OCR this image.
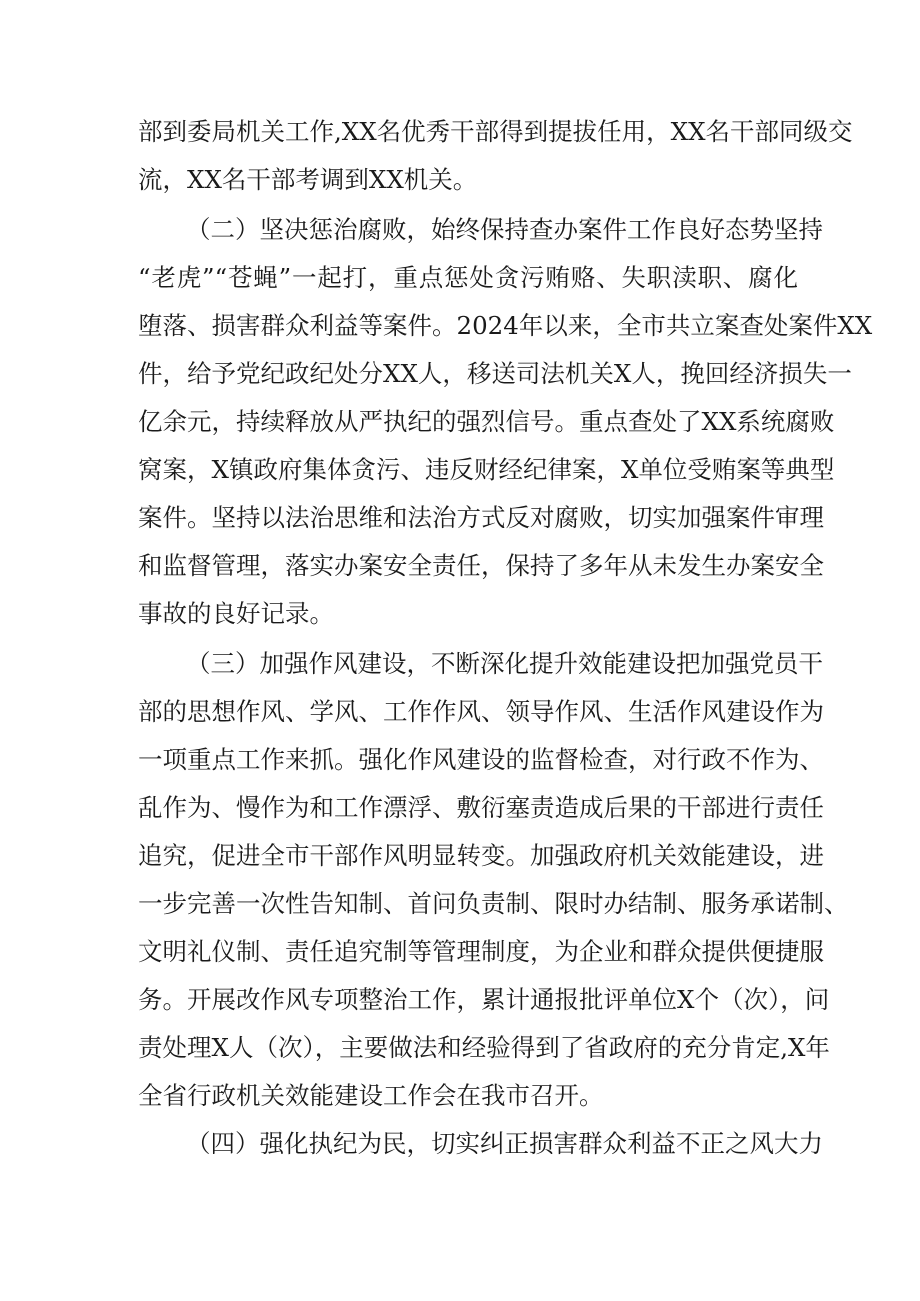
部到委局机关工作,XX名优秀干部得到提拔任用，XX名干部同级交
流，XX名干部考调到XX机关。
（二）坚决惩治腐败，始终保持查办案件工作良好态势坚持
“老虎”“苍蝇”一起打，重点惩处贪污贿赂、失职渎职、腐化
堕落、损害群众利益等案件。2024年以来，全市共立案查处案件XX
件，给予党纪政纪处分XX人，移送司法机关X人，挽回经济损失一
亿余元，持续释放从严执纪的强烈信号。重点查处了XX系统腐败
窝案，X镇政府集体贪污、违反财经纪律案，X单位受贿案等典型
案件。坚持以法治思维和法治方式反对腐败，切实加强案件审理
和监督管理，落实办案安全责任，保持了多年从未发生办案安全
事故的良好记录。
（三）加强作风建设，不断深化提升效能建设把加强党员干
部的思想作风、学风、工作作风、领导作风、生活作风建设作为
一项重点工作来抓。强化作风建设的监督检查，对行政不作为、
乱作为、慢作为和工作漂浮、敷衍塞责造成后果的干部进行责任
追究，促进全市干部作风明显转变。加强政府机关效能建设，进
一步完善一次性告知制、首问负责制、限时办结制、服务承诺制、
文明礼仪制、责任追究制等管理制度，为企业和群众提供便捷服
务。开展改作风专项整治工作，累计通报批评单位X个（次），问
责处理X人（次），主要做法和经验得到了省政府的充分肯定,X年
全省行政机关效能建设工作会在我市召开。
（四）强化执纪为民，切实纠正损害群众利益不正之风大力
